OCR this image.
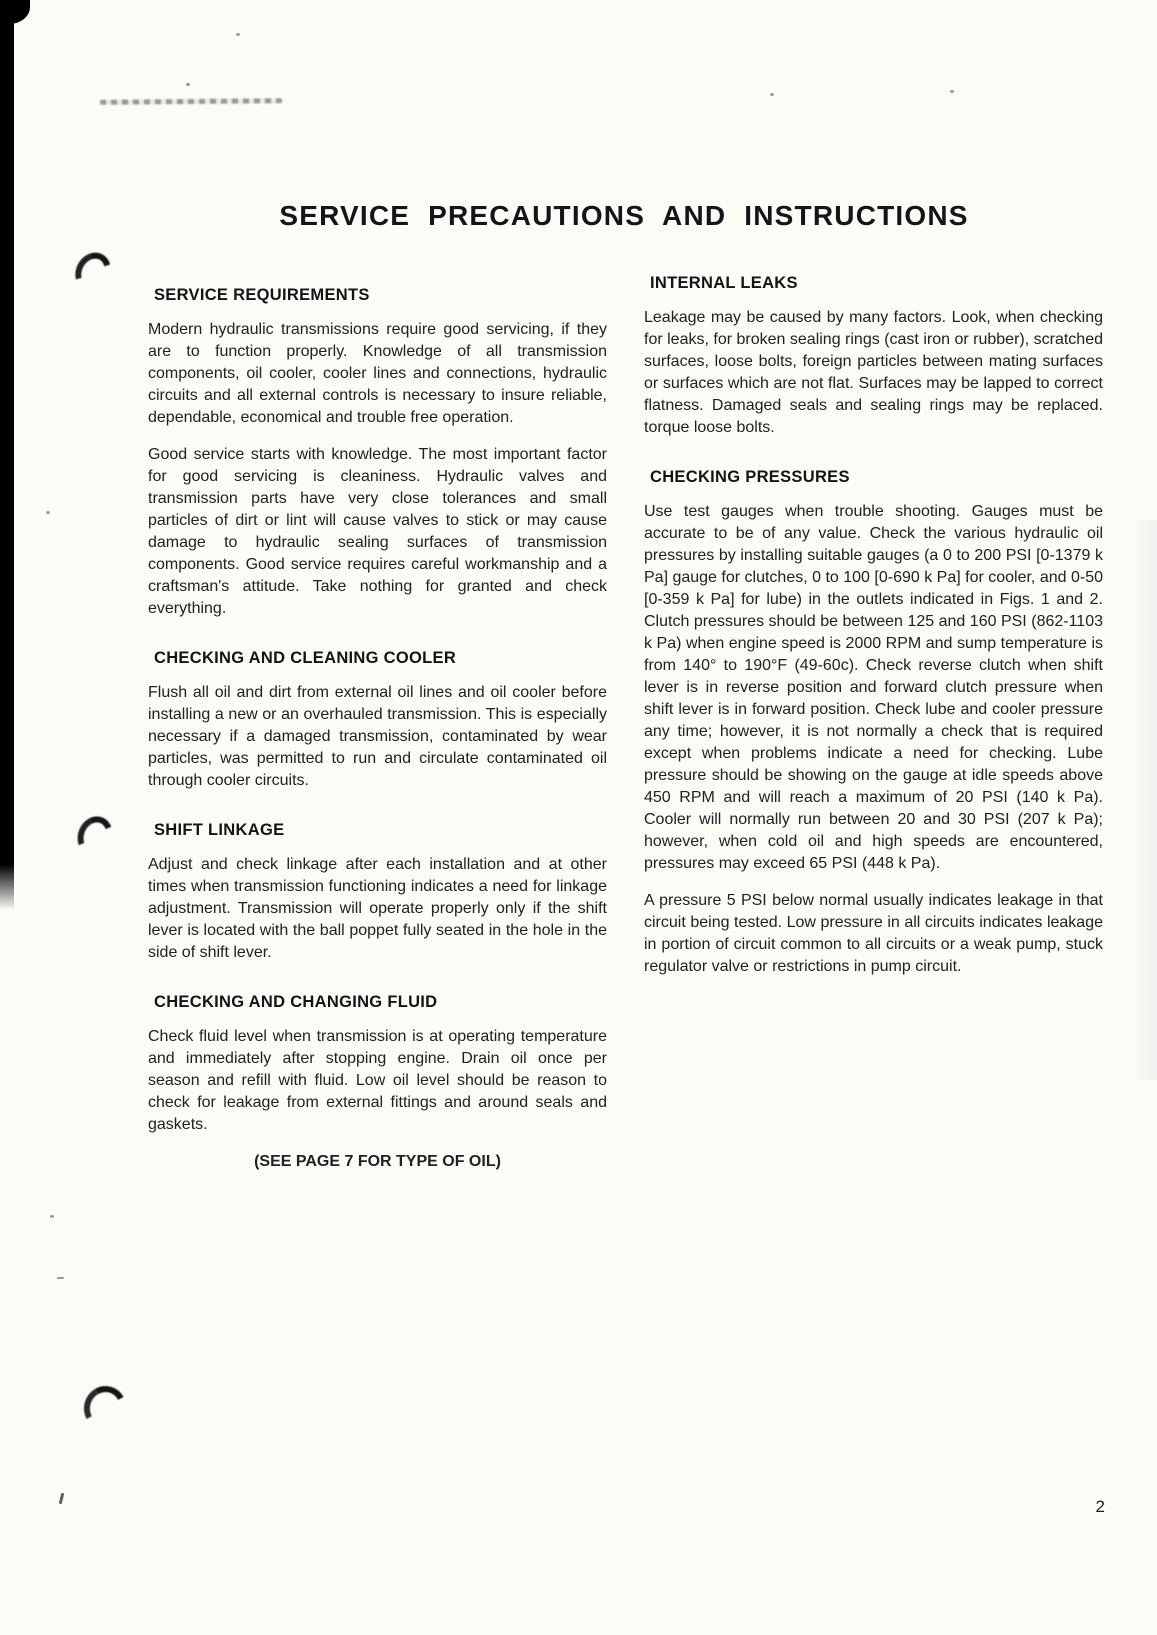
SERVICE PRECAUTIONS AND INSTRUCTIONS
SERVICE REQUIREMENTS

Modern hydraulic transmissions require good servicing, if they are to function properly. Knowledge of all transmission components, oil cooler, cooler lines and connections, hydraulic circuits and all external controls is necessary to insure reliable, dependable, economical and trouble free operation.

Good service starts with knowledge. The most important factor for good servicing is cleaniness. Hydraulic valves and transmission parts have very close tolerances and small particles of dirt or lint will cause valves to stick or may cause damage to hydraulic sealing surfaces of transmission components. Good service requires careful workmanship and a craftsman's attitude. Take nothing for granted and check everything.

CHECKING AND CLEANING COOLER

Flush all oil and dirt from external oil lines and oil cooler before installing a new or an overhauled transmission. This is especially necessary if a damaged transmission, contaminated by wear particles, was permitted to run and circulate contaminated oil through cooler circuits.

SHIFT LINKAGE

Adjust and check linkage after each installation and at other times when transmission functioning indicates a need for linkage adjustment. Transmission will operate properly only if the shift lever is located with the ball poppet fully seated in the hole in the side of shift lever.

CHECKING AND CHANGING FLUID

Check fluid level when transmission is at operating temperature and immediately after stopping engine. Drain oil once per season and refill with fluid. Low oil level should be reason to check for leakage from external fittings and around seals and gaskets.

(SEE PAGE 7 FOR TYPE OF OIL)

INTERNAL LEAKS

Leakage may be caused by many factors. Look, when checking for leaks, for broken sealing rings (cast iron or rubber), scratched surfaces, loose bolts, foreign particles between mating surfaces or surfaces which are not flat. Surfaces may be lapped to correct flatness. Damaged seals and sealing rings may be replaced. torque loose bolts.

CHECKING PRESSURES

Use test gauges when trouble shooting. Gauges must be accurate to be of any value. Check the various hydraulic oil pressures by installing suitable gauges (a 0 to 200 PSI [0-1379 k Pa] gauge for clutches, 0 to 100 [0-690 k Pa] for cooler, and 0-50 [0-359 k Pa] for lube) in the outlets indicated in Figs. 1 and 2. Clutch pressures should be between 125 and 160 PSI (862-1103 k Pa) when engine speed is 2000 RPM and sump temperature is from 140° to 190°F (49-60c). Check reverse clutch when shift lever is in reverse position and forward clutch pressure when shift lever is in forward position. Check lube and cooler pressure any time; however, it is not normally a check that is required except when problems indicate a need for checking. Lube pressure should be showing on the gauge at idle speeds above 450 RPM and will reach a maximum of 20 PSI (140 k Pa). Cooler will normally run between 20 and 30 PSI (207 k Pa); however, when cold oil and high speeds are encountered, pressures may exceed 65 PSI (448 k Pa).

A pressure 5 PSI below normal usually indicates leakage in that circuit being tested. Low pressure in all circuits indicates leakage in portion of circuit common to all circuits or a weak pump, stuck regulator valve or restrictions in pump circuit.

2
